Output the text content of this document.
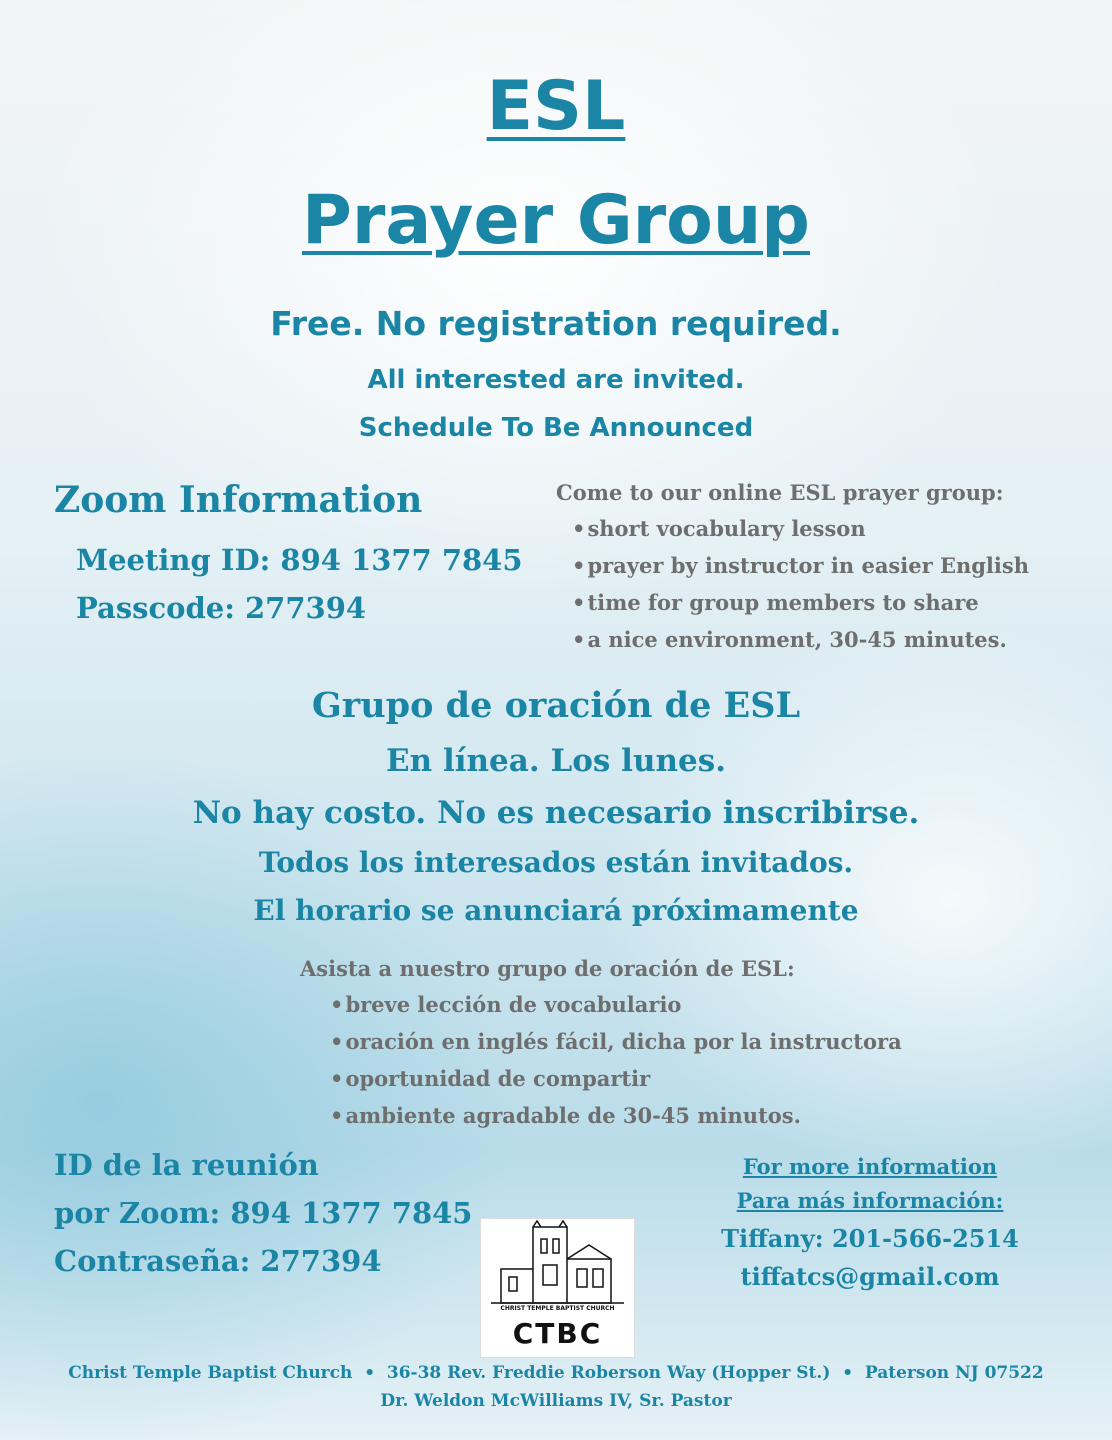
ESL
Prayer Group
Free. No registration required.
All interested are invited.
Schedule To Be Announced
Zoom Information
Meeting ID: 894 1377 7845
Passcode: 277394
Come to our online ESL prayer group:
• short vocabulary lesson
• prayer by instructor in easier English
• time for group members to share
• a nice environment, 30-45 minutes.
Grupo de oración de ESL
En línea. Los lunes.
No hay costo. No es necesario inscribirse.
Todos los interesados están invitados.
El horario se anunciará próximamente
Asista a nuestro grupo de oración de ESL:
• breve lección de vocabulario
• oración en inglés fácil, dicha por la instructora
• oportunidad de compartir
• ambiente agradable de 30-45 minutos.
ID de la reunión
por Zoom: 894 1377 7845
Contraseña: 277394
CHRIST TEMPLE BAPTIST CHURCH
CTBC
For more information
Para más información:
Tiffany: 201-566-2514
tiffatcs@gmail.com
Christ Temple Baptist Church  •  36-38 Rev. Freddie Roberson Way (Hopper St.)  •  Paterson NJ 07522
Dr. Weldon McWilliams IV, Sr. Pastor
